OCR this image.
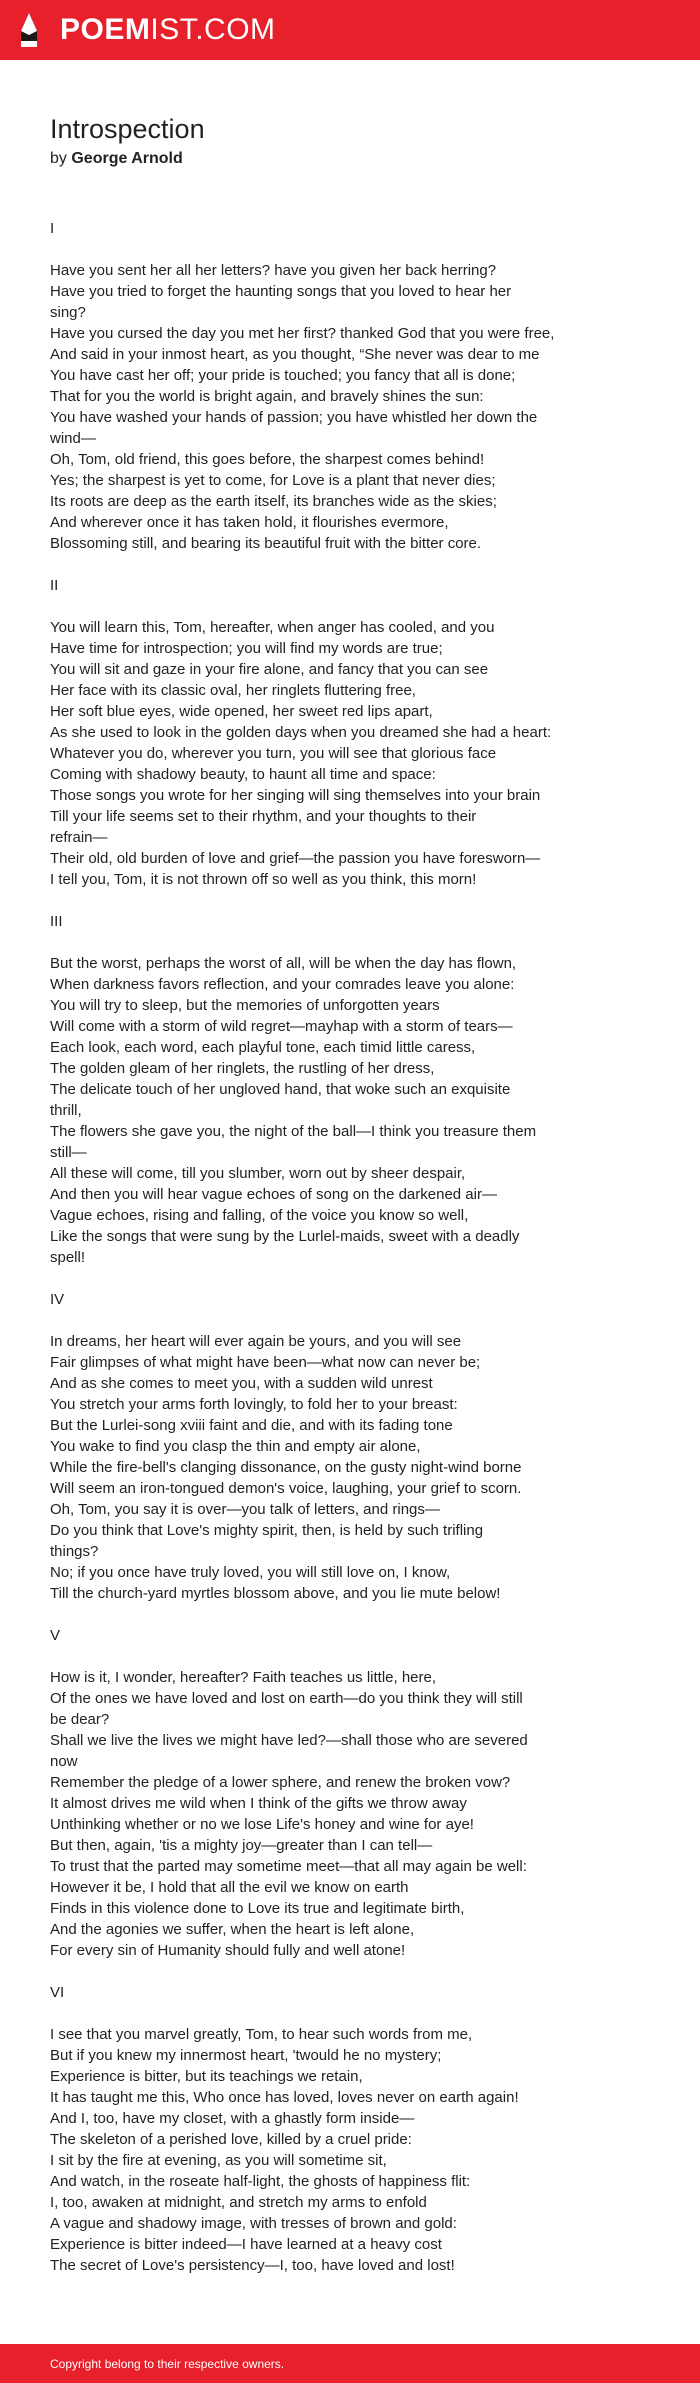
POEMIST.COM
Introspection
by George Arnold

I

Have you sent her all her letters? have you given her back herring?

Have you tried to forget the haunting songs that you loved to hear her

sing?

Have you cursed the day you met her first? thanked God that you were free,

And said in your inmost heart, as you thought, “She never was dear to me

You have cast her off; your pride is touched; you fancy that all is done;

That for you the world is bright again, and bravely shines the sun:

You have washed your hands of passion; you have whistled her down the

wind—

Oh, Tom, old friend, this goes before, the sharpest comes behind!

Yes; the sharpest is yet to come, for Love is a plant that never dies;

Its roots are deep as the earth itself, its branches wide as the skies;

And wherever once it has taken hold, it flourishes evermore,

Blossoming still, and bearing its beautiful fruit with the bitter core.

II

You will learn this, Tom, hereafter, when anger has cooled, and you

Have time for introspection; you will find my words are true;

You will sit and gaze in your fire alone, and fancy that you can see

Her face with its classic oval, her ringlets fluttering free,

Her soft blue eyes, wide opened, her sweet red lips apart,

As she used to look in the golden days when you dreamed she had a heart:

Whatever you do, wherever you turn, you will see that glorious face

Coming with shadowy beauty, to haunt all time and space:

Those songs you wrote for her singing will sing themselves into your brain

Till your life seems set to their rhythm, and your thoughts to their

refrain—

Their old, old burden of love and grief—the passion you have foresworn—

I tell you, Tom, it is not thrown off so well as you think, this morn!

III

But the worst, perhaps the worst of all, will be when the day has flown,

When darkness favors reflection, and your comrades leave you alone:

You will try to sleep, but the memories of unforgotten years

Will come with a storm of wild regret—mayhap with a storm of tears—

Each look, each word, each playful tone, each timid little caress,

The golden gleam of her ringlets, the rustling of her dress,

The delicate touch of her ungloved hand, that woke such an exquisite

thrill,

The flowers she gave you, the night of the ball—I think you treasure them

still—

All these will come, till you slumber, worn out by sheer despair,

And then you will hear vague echoes of song on the darkened air—

Vague echoes, rising and falling, of the voice you know so well,

Like the songs that were sung by the Lurlel-maids, sweet with a deadly

spell!

IV

In dreams, her heart will ever again be yours, and you will see

Fair glimpses of what might have been—what now can never be;

And as she comes to meet you, with a sudden wild unrest

You stretch your arms forth lovingly, to fold her to your breast:

But the Lurlei-song xviii faint and die, and with its fading tone

You wake to find you clasp the thin and empty air alone,

While the fire-bell's clanging dissonance, on the gusty night-wind borne

Will seem an iron-tongued demon's voice, laughing, your grief to scorn.

Oh, Tom, you say it is over—you talk of letters, and rings—

Do you think that Love's mighty spirit, then, is held by such trifling

things?

No; if you once have truly loved, you will still love on, I know,

Till the church-yard myrtles blossom above, and you lie mute below!

V

How is it, I wonder, hereafter? Faith teaches us little, here,

Of the ones we have loved and lost on earth—do you think they will still

be dear?

Shall we live the lives we might have led?—shall those who are severed

now

Remember the pledge of a lower sphere, and renew the broken vow?

It almost drives me wild when I think of the gifts we throw away

Unthinking whether or no we lose Life's honey and wine for aye!

But then, again, 'tis a mighty joy—greater than I can tell—

To trust that the parted may sometime meet—that all may again be well:

However it be, I hold that all the evil we know on earth

Finds in this violence done to Love its true and legitimate birth,

And the agonies we suffer, when the heart is left alone,

For every sin of Humanity should fully and well atone!

VI

I see that you marvel greatly, Tom, to hear such words from me,

But if you knew my innermost heart, 'twould he no mystery;

Experience is bitter, but its teachings we retain,

It has taught me this, Who once has loved, loves never on earth again!

And I, too, have my closet, with a ghastly form inside—

The skeleton of a perished love, killed by a cruel pride:

I sit by the fire at evening, as you will sometime sit,

And watch, in the roseate half-light, the ghosts of happiness flit:

I, too, awaken at midnight, and stretch my arms to enfold

A vague and shadowy image, with tresses of brown and gold:

Experience is bitter indeed—I have learned at a heavy cost

The secret of Love's persistency—I, too, have loved and lost!

Copyright belong to their respective owners.
